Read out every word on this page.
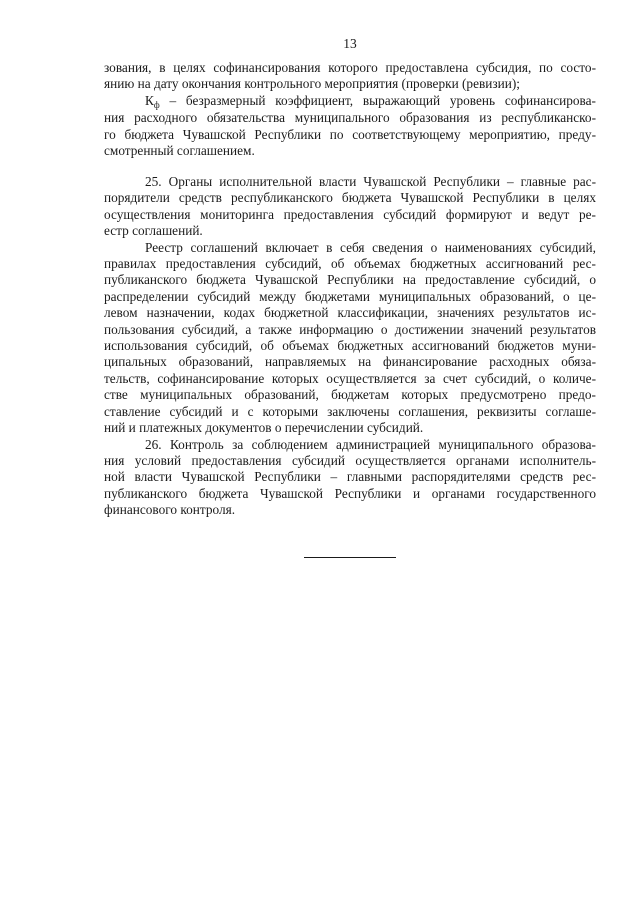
13
зования, в целях софинансирования которого предоставлена субсидия, по состо-
янию на дату окончания контрольного мероприятия (проверки (ревизии);
$К_ф$ – безразмерный коэффициент, выражающий уровень софинансирова-
ния расходного обязательства муниципального образования из республиканско-
го бюджета Чувашской Республики по соответствующему мероприятию, преду-
смотренный соглашением.
25. Органы исполнительной власти Чувашской Республики – главные рас-
порядители средств республиканского бюджета Чувашской Республики в целях
осуществления мониторинга предоставления субсидий формируют и ведут ре-
естр соглашений.
Реестр соглашений включает в себя сведения о наименованиях субсидий,
правилах предоставления субсидий, об объемах бюджетных ассигнований рес-
публиканского бюджета Чувашской Республики на предоставление субсидий, о
распределении субсидий между бюджетами муниципальных образований, о це-
левом назначении, кодах бюджетной классификации, значениях результатов ис-
пользования субсидий, а также информацию о достижении значений результатов
использования субсидий, об объемах бюджетных ассигнований бюджетов муни-
ципальных образований, направляемых на финансирование расходных обяза-
тельств, софинансирование которых осуществляется за счет субсидий, о количе-
стве муниципальных образований, бюджетам которых предусмотрено предо-
ставление субсидий и с которыми заключены соглашения, реквизиты соглаше-
ний и платежных документов о перечислении субсидий.
26. Контроль за соблюдением администрацией муниципального образова-
ния условий предоставления субсидий осуществляется органами исполнитель-
ной власти Чувашской Республики – главными распорядителями средств рес-
публиканского бюджета Чувашской Республики и органами государственного
финансового контроля.
